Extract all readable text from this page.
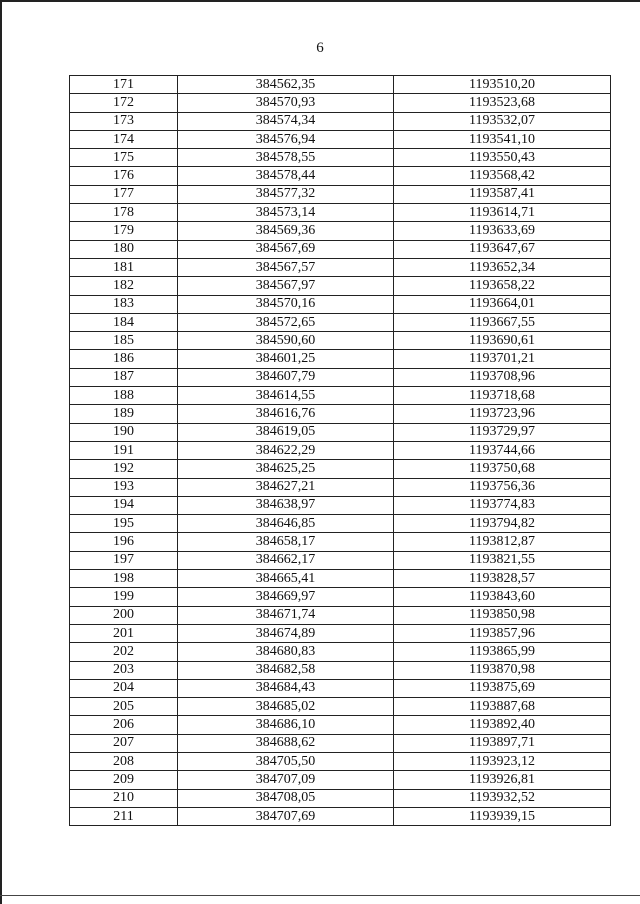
6
171	384562,35	1193510,20
172	384570,93	1193523,68
173	384574,34	1193532,07
174	384576,94	1193541,10
175	384578,55	1193550,43
176	384578,44	1193568,42
177	384577,32	1193587,41
178	384573,14	1193614,71
179	384569,36	1193633,69
180	384567,69	1193647,67
181	384567,57	1193652,34
182	384567,97	1193658,22
183	384570,16	1193664,01
184	384572,65	1193667,55
185	384590,60	1193690,61
186	384601,25	1193701,21
187	384607,79	1193708,96
188	384614,55	1193718,68
189	384616,76	1193723,96
190	384619,05	1193729,97
191	384622,29	1193744,66
192	384625,25	1193750,68
193	384627,21	1193756,36
194	384638,97	1193774,83
195	384646,85	1193794,82
196	384658,17	1193812,87
197	384662,17	1193821,55
198	384665,41	1193828,57
199	384669,97	1193843,60
200	384671,74	1193850,98
201	384674,89	1193857,96
202	384680,83	1193865,99
203	384682,58	1193870,98
204	384684,43	1193875,69
205	384685,02	1193887,68
206	384686,10	1193892,40
207	384688,62	1193897,71
208	384705,50	1193923,12
209	384707,09	1193926,81
210	384708,05	1193932,52
211	384707,69	1193939,15
